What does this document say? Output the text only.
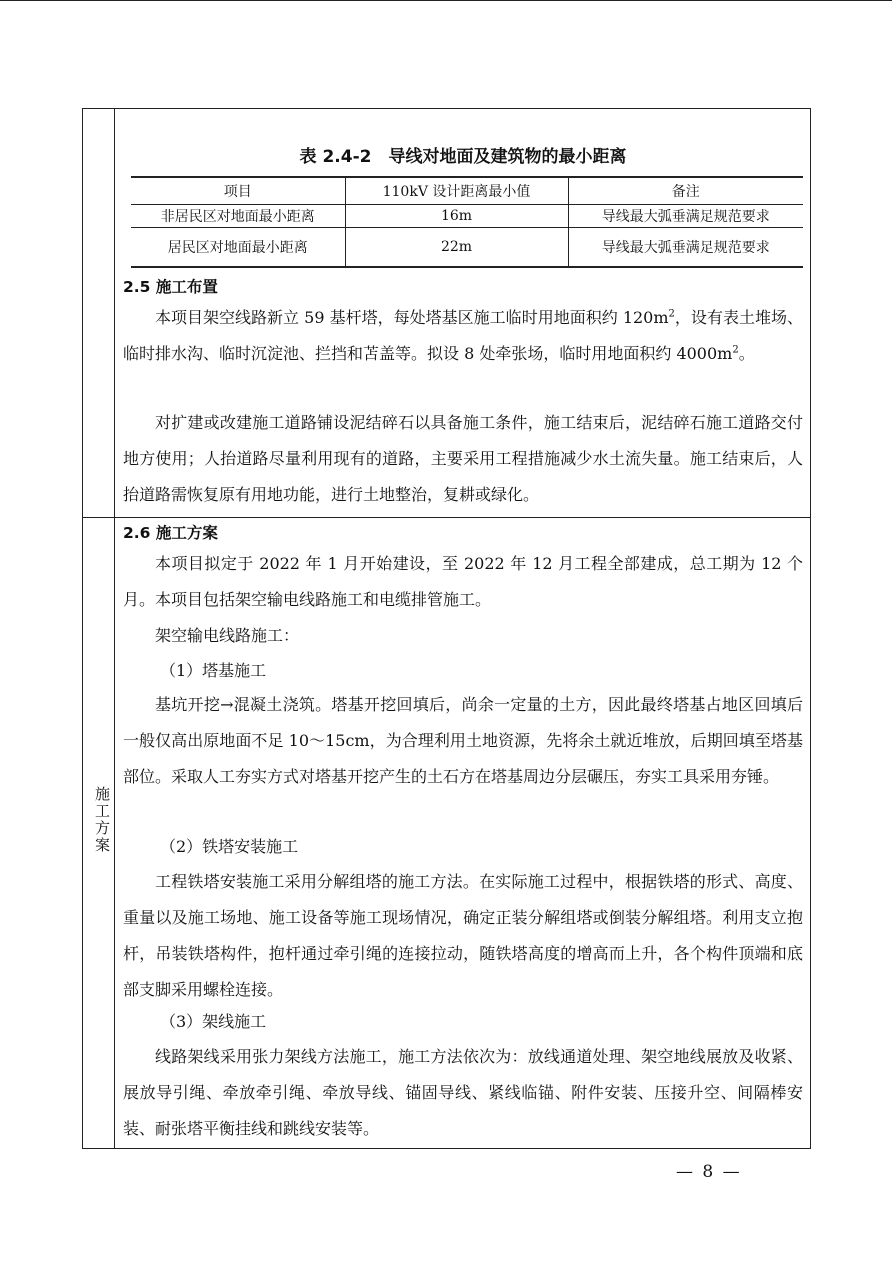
施工方案
表 2.4-2　导线对地面及建筑物的最小距离
项目	110kV 设计距离最小值	备注
非居民区对地面最小距离	16m	导线最大弧垂满足规范要求
居民区对地面最小距离	22m	导线最大弧垂满足规范要求
2.5 施工布置

本项目架空线路新立 59 基杆塔，每处塔基区施工临时用地面积约 $120m^2$，设有表土堆场、临时排水沟、临时沉淀池、拦挡和苫盖等。拟设 8 处牵张场，临时用地面积约 $4000m^2$。

对扩建或改建施工道路铺设泥结碎石以具备施工条件，施工结束后，泥结碎石施工道路交付地方使用；人抬道路尽量利用现有的道路，主要采用工程措施减少水土流失量。施工结束后，人抬道路需恢复原有用地功能，进行土地整治，复耕或绿化。

2.6 施工方案

本项目拟定于 2022 年 1 月开始建设，至 2022 年 12 月工程全部建成，总工期为 12 个月。本项目包括架空输电线路施工和电缆排管施工。

架空输电线路施工：

（1）塔基施工

基坑开挖→混凝土浇筑。塔基开挖回填后，尚余一定量的土方，因此最终塔基占地区回填后一般仅高出原地面不足 10～15cm，为合理利用土地资源，先将余土就近堆放，后期回填至塔基部位。采取人工夯实方式对塔基开挖产生的土石方在塔基周边分层碾压，夯实工具采用夯锤。

（2）铁塔安装施工

工程铁塔安装施工采用分解组塔的施工方法。在实际施工过程中，根据铁塔的形式、高度、重量以及施工场地、施工设备等施工现场情况，确定正装分解组塔或倒装分解组塔。利用支立抱杆，吊装铁塔构件，抱杆通过牵引绳的连接拉动，随铁塔高度的增高而上升，各个构件顶端和底部支脚采用螺栓连接。

（3）架线施工

线路架线采用张力架线方法施工，施工方法依次为：放线通道处理、架空地线展放及收紧、展放导引绳、牵放牵引绳、牵放导线、锚固导线、紧线临锚、附件安装、压接升空、间隔棒安装、耐张塔平衡挂线和跳线安装等。

— 8 —
